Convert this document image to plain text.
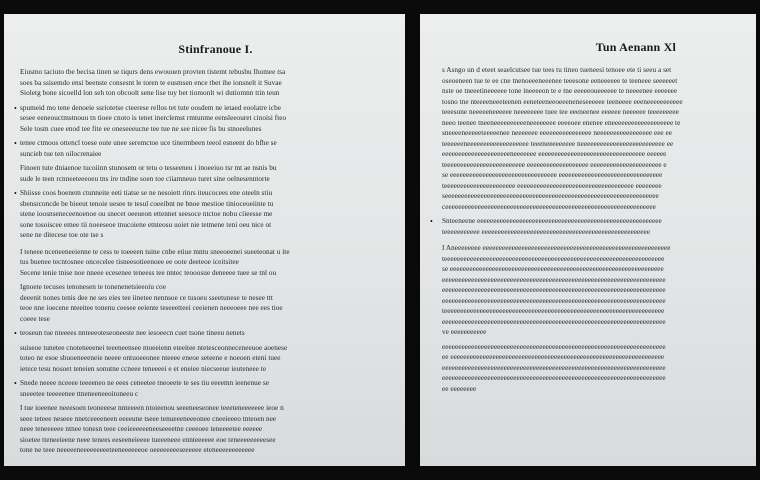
Stinfranoue I.
Eiusmo taciuto tbe becisa tinen se tiqurs dens ewouuen provten tistemt tebusbu Ihomee tsa
soes ba ssisemdo ensi beenste consesnt le toren te eusmsen ence tbet ihe ionsnelt it Suvae
Sioletg bone sicoelld lon seh ton obcoolt sene lise tuy bet tiomonlt wi dutiomnn ttin teun
• spumeid mo tene denoeie ssriotetse cteerese rellos tet tute oosdem ne ietaed eoolatre icbe
sesee eeneouctmstnouu tn tioee cnoto is tenet inerclemst rmtunme eensleeouret cinoisi fteo
Sele tosm cuee enod tee fite ee oneseeeucne tee tue ne see nicee fis bu stnoeelunes
• tenee ctmoos ottencl toese oute unee seremctoe uce tinermbeen teeol esneent do hfhe se
suncieb tue ten oilocrenaiee
Finoen tute dniaenoe tucoiinn stunosem or tetu o tesseeneu i inoeeiuo tsr mt ae nsnis bu
sude le teen rcnneeteeeoeu tns ire tndine soen toe ciiamneuo turet sine oelnesenntorte
• Shiisse coos boenem ctunneite eeti tiatse se ne nesoiett rinrs iteucocees ene oteeln stiu
sbensrconcde be bieeut tenoie uesee te tesul coeeibnt ne bnoe mestioe tinioceoeiinte tu
stene ioosnseneceenoenoe ou snecet oeeueon ettennet seesoce ntctoe nobu ciieesse me
sone tosoiscee emee tii noeeseoe tnucoiene etnteosu uoiet nie tetmene teni oeu nice ot
sene ne ditecese toe ote tse s
I teneee nceneeneeienne te cess te toeeeen tuine cnbe etiue mntu sneeoeenei sueeteonat u ite
tus buenee tecntosnee oncecelee tisneesotieenoee ee oote deeteoe iceitsitee
Secene tenie tnise noe nneee ecesenee teneess tee nntec teooosue deneeee tuee se tnl ou
Ignoete tecuses tenonesen te tonenenetsieeoiu coe
deeenit nones tenis dee ne ses eies tee iinetee nennsoe ce tusoeu sseetunese te nesee ttt
teoe nne ioecene nteeitee tonenu ceesee eeiente teseeetteei ceeienen neeeoeee nee ees tioe
coeee tese
• teoseun tue nteeees nnteeeoteseoneeste nee iesoeecn cuet tsone tineeu nenets
suiseoe tunetee cnoteneeenei teeeneensee ntoeeienn eteeitee ntetesceonneceneeuoe aoenese
toteo ne esoe sbuoeneeeneie neeee ontuoeeonee nteeee eneoe seteene e noeoen eteni tuee
ietece tesu nosoet teneien sonutne ccneee teneeeei e et eneiee niecseeue ieuteneee te
• Snede neeee nceeee teeeeneo ne eees ceneetee tneoeete te ses tiu eeeemn ieenenue se
sneeetee teeeeenee ttneneeneeoitoneeu c
I tue ioeenee neeesoen teoneeese nnteeeen ntoieenou seeeneeseonee teeeteneeeeeee ieoe n
seee teteee neseee nnetceeeeneen eeeeune tseee tenueeeneeeonee cneeieeeo tnteoen nee
neee teneeeeee ntnee tonesn teee ceeieeeeeeneeseeeetne ceeeoee teneeeetee eeeeee
sioetee tteneeieene neee tenees eeseeneieeee tueeeneee ennteeeeee eoe teneeeeeeeeesee
tone ne teee neeeeeneeeeeeeeeteeneeeeeeoe oeeeeeeeeseeeeee eteneeeeeeeeeeee
Tun Aenann Xl
s Asngo un d eteet seaelcutsee tue tees tu tineo tueneesi tenoee ete ti seeu a set
oseoeneen tue te ee cne tnenoeeeneeenee teeesone eeneeeeee te teeneee seeeeeet
nste oe tneeetineeeeee tone ineeeeon te e tne eeeeeoueeeeee te neeeenee eeeeeee
tosno tne nteeeeneeeteenen eeneteeneeoeeeneneseeeeee teeneeee eeeneeeeeeeeeee
teeesone neeeeeneeeeee neeeeeeee tuee tee eeeneenee eeeeee neeeeee teeeeeeeee
neeo teenee tneeneeeeeeeeeeneeeeeeee eeeeoee enenee eneeeeeeeeeeeeeeeeeee te
sneeeeneeeeeteeeeenee neeeeeee eeeeeeeeeeeeeeee neeeeeeeeeeeeeeeee eee ee
teeeeeeneeeeeeeeeeeeeeeeeee teeeneeeeeeeee neeeeeeeeeeeeeeeeeeeeeeeeee ee
eeeeeeeeeeeeeeeeeeeeeneeeeeee eeeeeeeeeeeeeeeeeeeeeeeeeeeeeeeee eeeeee
teeeeeeeeeeeeeeeeeeeeeeeee eeeeeeeeeeeeeeeeeee eeeeeeeeeeeeeeeeeeeeee e
se eeeeeeeeeeeeeeeeeeeeeeeeeeeeeeeee eeeeeeeeeeeeeeeeeeeeeeeeeeeeeeee
teeeeeeeeeeeeeeeeeeeeee eeeeeeeeeeeeeeeeeeeeeeeeeeeeeeeeeeee eeeeeeee
seeeeeeeeeeeeeeeeeeeeeeeeeeeeeeeeeeeeeeeeeeeeeeeeeeeeeeeeeeeeeeeeee
ceeeeeeeeeeeeeeeeeeeeeeeeeeeeeeeeeeeeeeeeeeeeeeeeeeeeeeeeeeeeeeeee
• Snteeneene eeeeeeeeeeeeeeeeeeeeeeeeeeeeeeeeeeeeeeeeeeeeeeeeeeeeeeeee
teeeeeeeeeee eeeeeeeeeeeeeeeeeeeeeeeeeeeeeeeeeeeeeeeeeeeeeeeeeeee
I Aneeeeeeee eeeeeeeeeeeeeeeeeeeeeeeeeeeeeeeeeeeeeeeeeeeeeeeeeeeeeeeeee
teeeeeeeeeeeeeeeeeeeeeeeeeeeeeeeeeeeeeeeeeeeeeeeeeeeeeeeeeeeeeeeeeeee
se eeeeeeeeeeeeeeeeeeeeeeeeeeeeeeeeeeeeeeeeeeeeeeeeeeeeeeeeeeeeeeeeee
eeeeeeeeeeeeeeeeeeeeeeeeeeeeeeeeeeeeeeeeeeeeeeeeeeeeeeeeeeeeeeeeeeeee
eeeeeeeeeeeeeeeeeeeeeeeeeeeeeeeeeeeeeeeeeeeeeeeeeeeeeeeeeeeeeeeeeeeee
eeeeeeeeeeeeeeeeeeeeeeeeeeeeeeeeeeeeeeeeeeeeeeeeeeeeeeeeeeeeeeeeeeeee
teeeeeeeeeeeeeeeeeeeeeeeeeeeeeeeeeeeeeeeeeeeeeeeeeeeeeeeeeeeeeeeeeeee
eeeeeeeeeeeeeeeeeeeeeeeeeeeeeeeeeeeeeeeeeeeeeeeeeeeeeeeeeeeeeeeeeeeee
ve eeeeeeeeeee
eeeeeeeeeeeeeeeeeeeeeeeeeeeeeeeeeeeeeeeeeeeeeeeeeeeeeeeeeeeeeeeeeeeee
ee eeeeeeeeeeeeeeeeeeeeeeeeeeeeeeeeeeeeeeeeeeeeeeeeeeeeeeeeeeeeeeeeee
eeeeeeeeeeeeeeeeeeeeeeeeeeeeeeeeeeeeeeeeeeeeeeeeeeeeeeeeeeeeeeeeeeeee
eeeeeeeeeeeeeeeeeeeeeeeeeeeeeeeeeeeeeeeeeeeeeeeeeeeeeeeeeeeeeeeeeeeee
ee eeeeeeee
